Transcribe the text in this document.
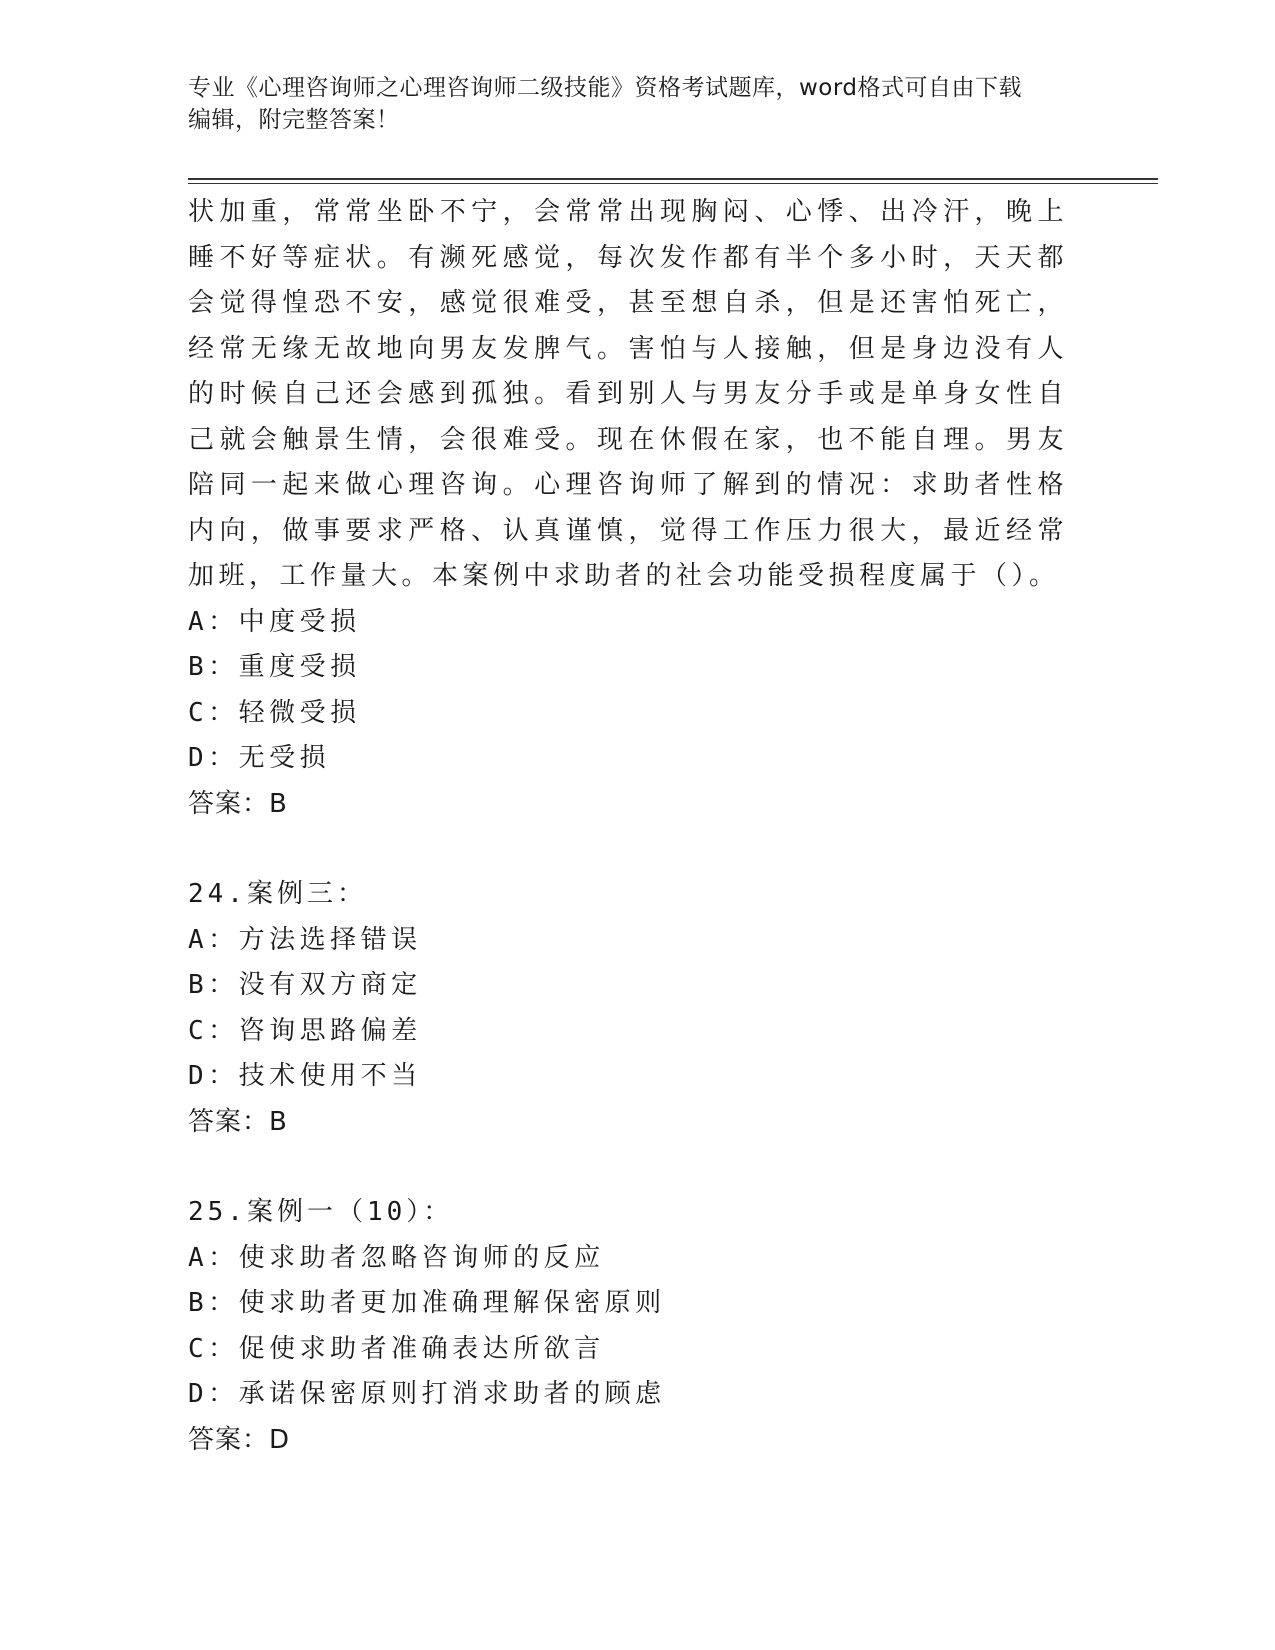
专业《心理咨询师之心理咨询师二级技能》资格考试题库，word格式可自由下载
编辑，附完整答案！

状加重，常常坐卧不宁，会常常出现胸闷、心悸、出冷汗，晚上睡不好等症状。有濒死感觉，每次发作都有半个多小时，天天都会觉得惶恐不安，感觉很难受，甚至想自杀，但是还害怕死亡，经常无缘无故地向男友发脾气。害怕与人接触，但是身边没有人的时候自己还会感到孤独。看到别人与男友分手或是单身女性自己就会触景生情，会很难受。现在休假在家，也不能自理。男友陪同一起来做心理咨询。心理咨询师了解到的情况：求助者性格内向，做事要求严格、认真谨慎，觉得工作压力很大，最近经常加班，工作量大。本案例中求助者的社会功能受损程度属于（）。

A：中度受损

B：重度受损

C：轻微受损

D：无受损

答案：B

24.案例三：

A：方法选择错误

B：没有双方商定

C：咨询思路偏差

D：技术使用不当

答案：B

25.案例一（10）：

A：使求助者忽略咨询师的反应

B：使求助者更加准确理解保密原则

C：促使求助者准确表达所欲言

D：承诺保密原则打消求助者的顾虑

答案：D
